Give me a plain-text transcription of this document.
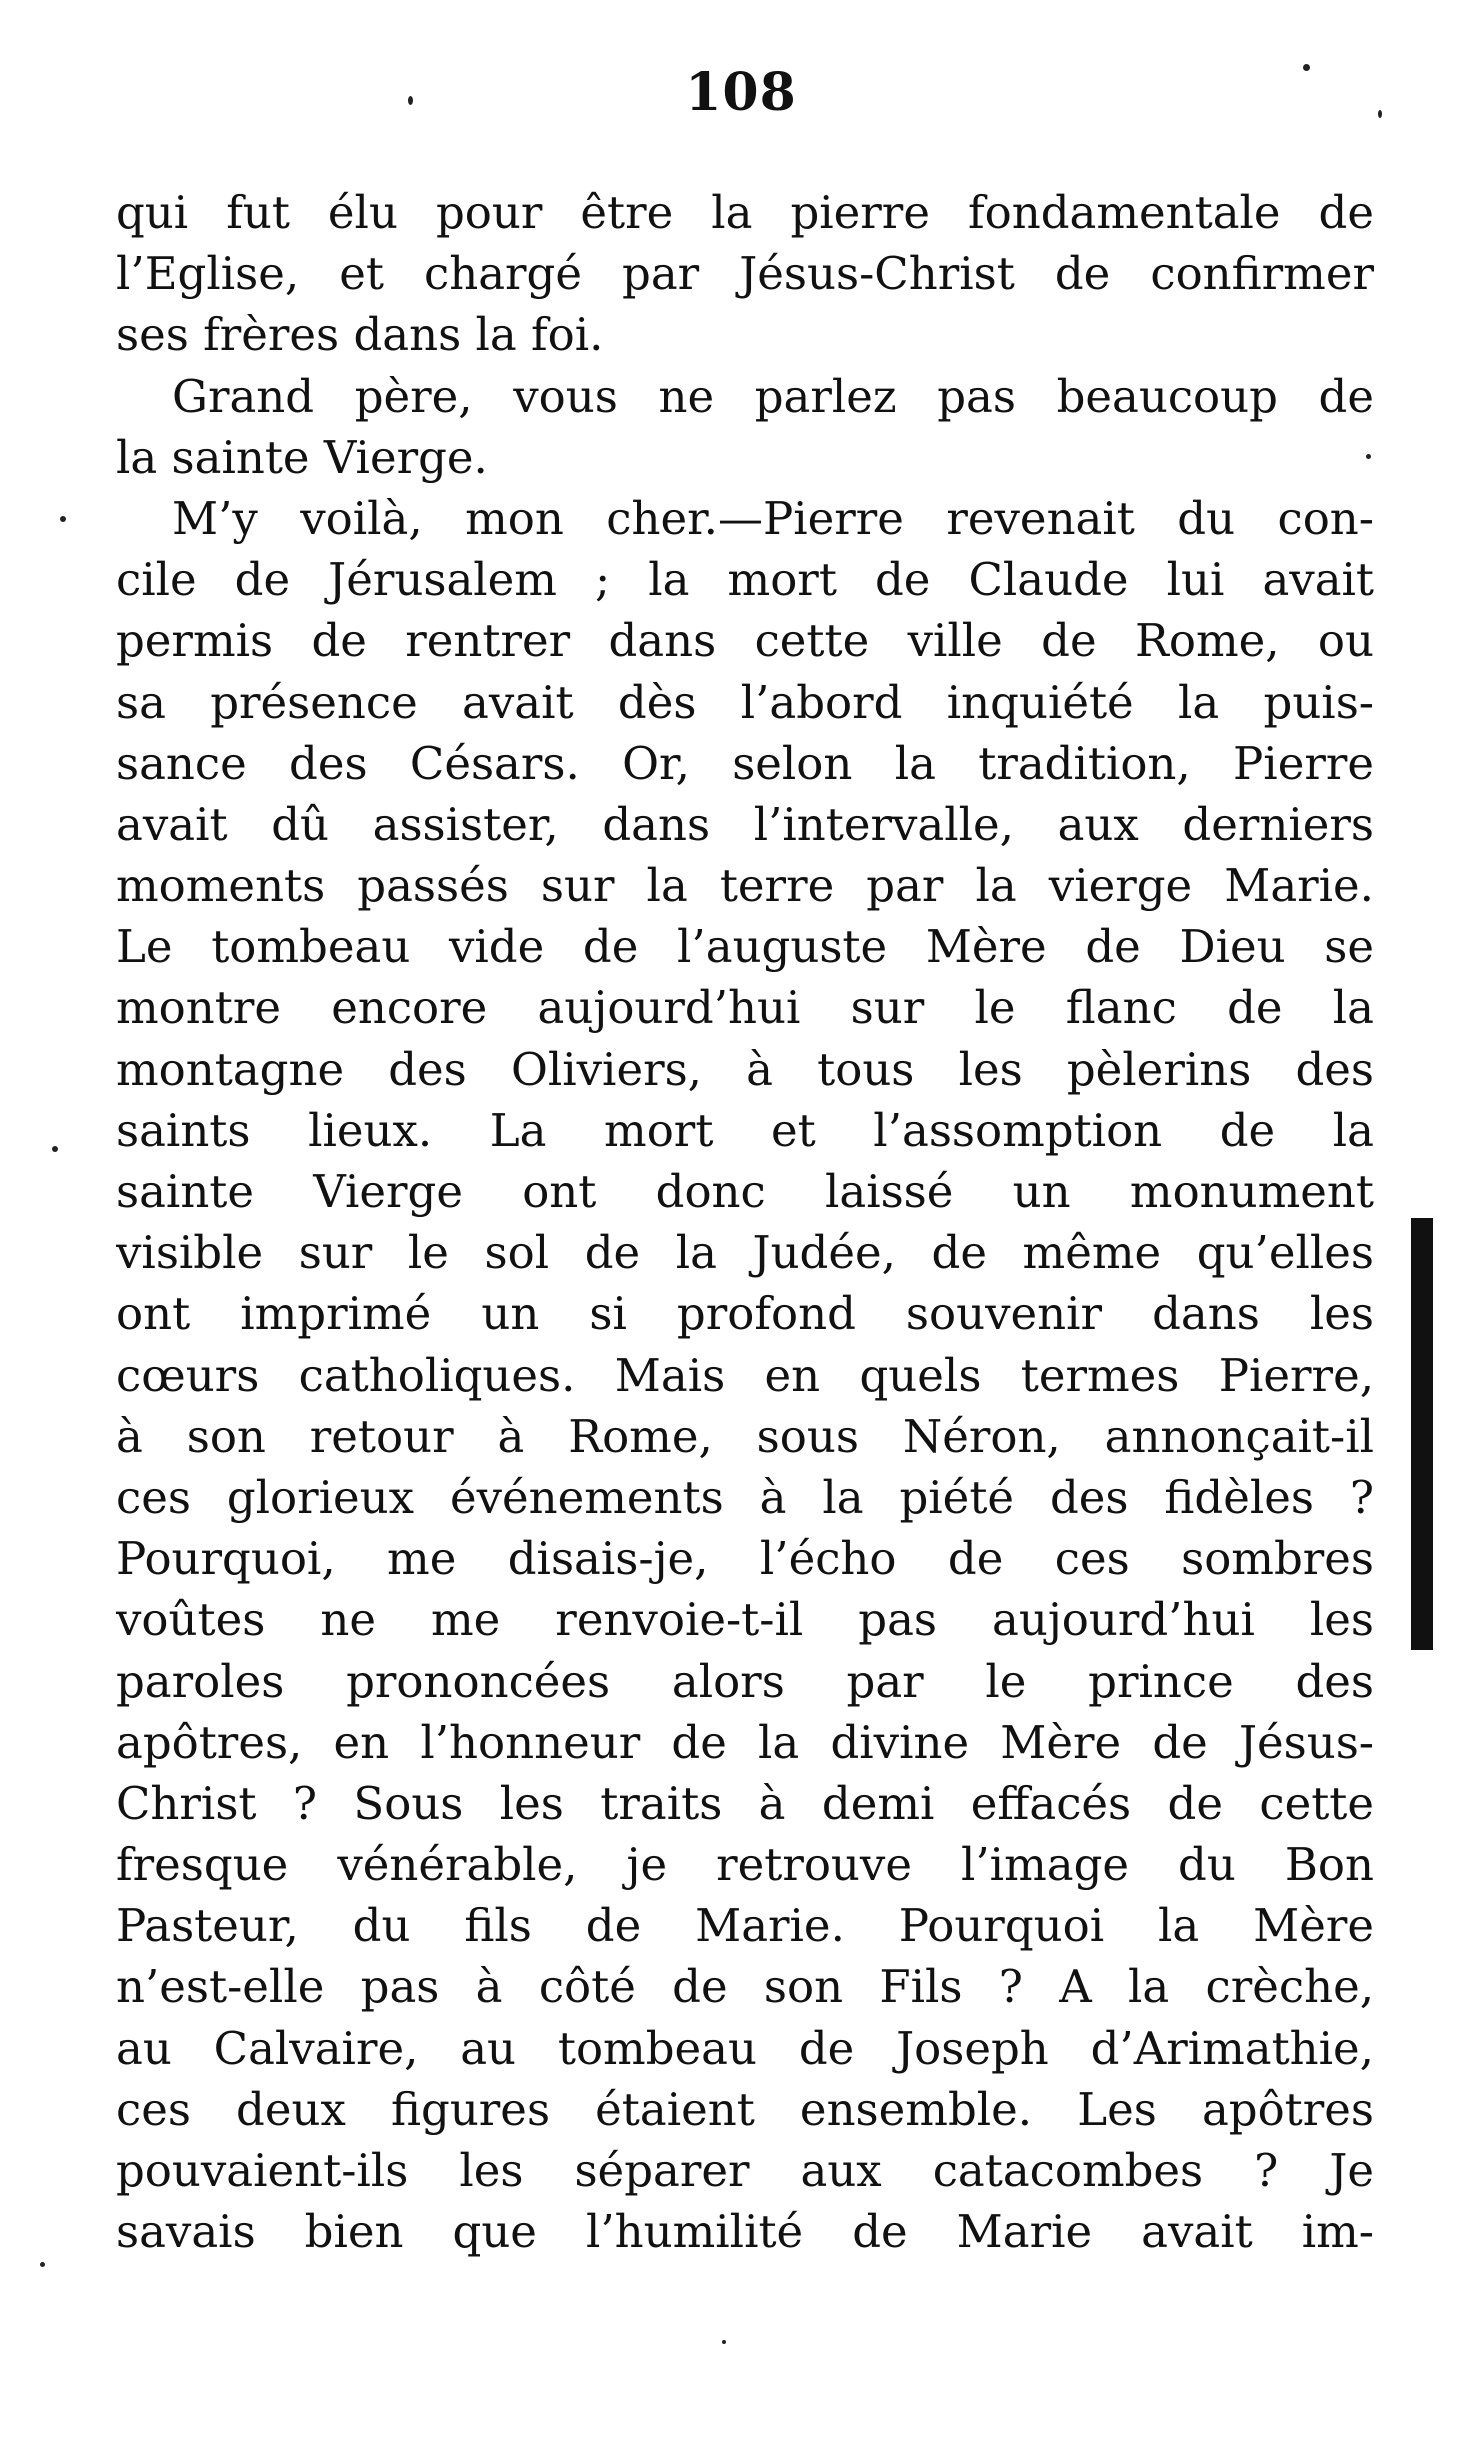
108
qui fut élu pour être la pierre fondamentale de
l’Eglise, et chargé par Jésus-Christ de confirmer
ses frères dans la foi.
Grand père, vous ne parlez pas beaucoup de
la sainte Vierge.
M’y voilà, mon cher.—Pierre revenait du con-
cile de Jérusalem ; la mort de Claude lui avait
permis de rentrer dans cette ville de Rome, ou
sa présence avait dès l’abord inquiété la puis-
sance des Césars. Or, selon la tradition, Pierre
avait dû assister, dans l’intervalle, aux derniers
moments passés sur la terre par la vierge Marie.
Le tombeau vide de l’auguste Mère de Dieu se
montre encore aujourd’hui sur le flanc de la
montagne des Oliviers, à tous les pèlerins des
saints lieux. La mort et l’assomption de la
sainte Vierge ont donc laissé un monument
visible sur le sol de la Judée, de même qu’elles
ont imprimé un si profond souvenir dans les
cœurs catholiques. Mais en quels termes Pierre,
à son retour à Rome, sous Néron, annonçait-il
ces glorieux événements à la piété des fidèles ?
Pourquoi, me disais-je, l’écho de ces sombres
voûtes ne me renvoie-t-il pas aujourd’hui les
paroles prononcées alors par le prince des
apôtres, en l’honneur de la divine Mère de Jésus-
Christ ? Sous les traits à demi effacés de cette
fresque vénérable, je retrouve l’image du Bon
Pasteur, du fils de Marie. Pourquoi la Mère
n’est-elle pas à côté de son Fils ? A la crèche,
au Calvaire, au tombeau de Joseph d’Arimathie,
ces deux figures étaient ensemble. Les apôtres
pouvaient-ils les séparer aux catacombes ? Je
savais bien que l’humilité de Marie avait im-
